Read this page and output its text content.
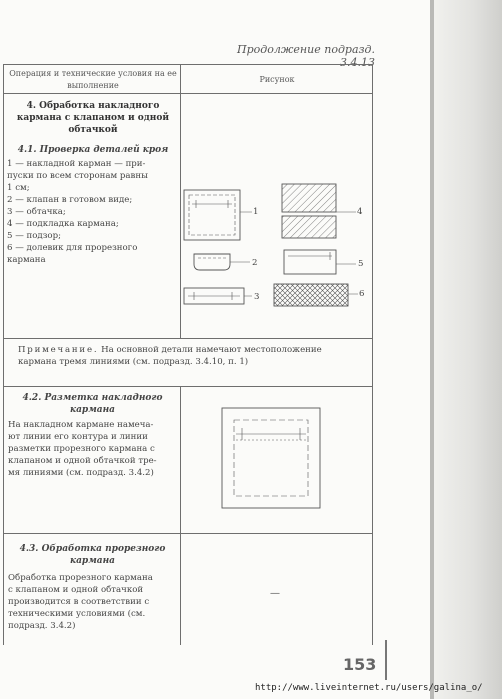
Продолжение подразд. 3.4.13
Операция и технические условия на ее выполнение
Рисунок
4. Обработка накладного кармана с клапаном и одной обтачкой
4.1. Проверка деталей кроя
1 — накладной карман — при-
пуски по всем сторонам равны
1 см;
2 — клапан в готовом виде;
3 — обтачка;
4 — подкладка кармана;
5 — подзор;
6 — долевик для прорезного
кармана
1
2
3
4
5
6
Примечание. На основной детали намечают местоположение
кармана тремя линиями (см. подразд. 3.4.10, п. 1)
4.2. Разметка накладного
кармана
На накладном кармане намеча-
ют линии его контура и линии
разметки прорезного кармана с
клапаном и одной обтачкой тре-
мя линиями (см. подразд. 3.4.2)
4.3. Обработка прорезного
кармана
Обработка прорезного кармана
с клапаном и одной обтачкой
производится в соответствии с
техническими условиями (см.
подразд. 3.4.2)
—
153
http://www.liveinternet.ru/users/galina_o/
